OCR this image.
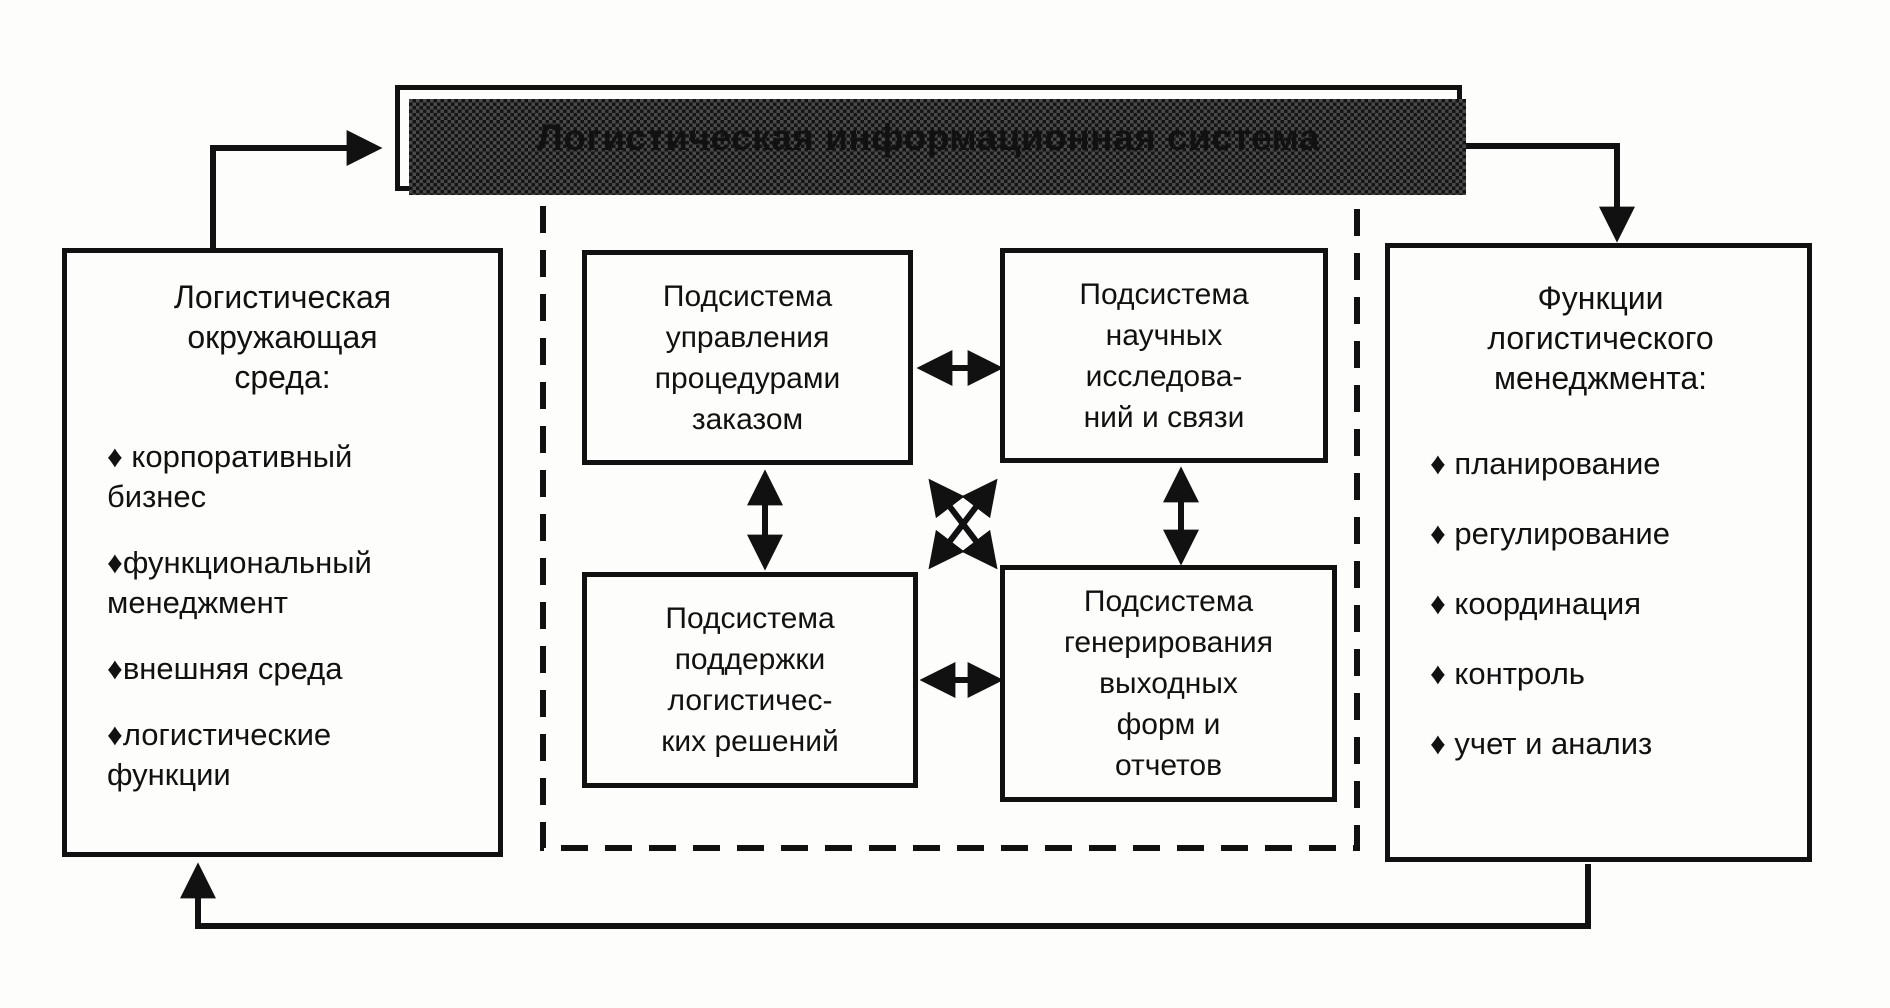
Логистическая информационная система
Логистическая окружающая среда:
♦ корпоративный бизнес
♦функциональный менеджмент
♦внешняя среда
♦логистические функции
Подсистема
управления
процедурами
заказом
Подсистема
научных
исследова-
ний и связи
Подсистема
поддержки
логистичес-
ких решений
Подсистема
генерирования
выходных
форм и
отчетов
Функции логистического менеджмента:
♦ планирование
♦ регулирование
♦ координация
♦ контроль
♦ учет и анализ
